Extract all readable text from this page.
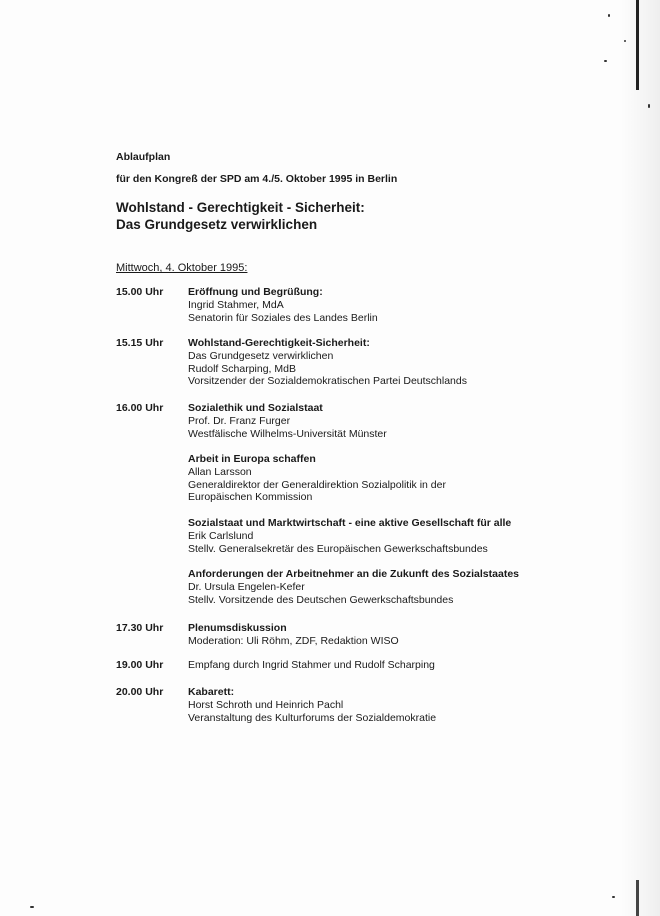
Ablaufplan
für den Kongreß der SPD am 4./5. Oktober 1995 in Berlin
Wohlstand - Gerechtigkeit - Sicherheit:
Das Grundgesetz verwirklichen
Mittwoch, 4. Oktober 1995:
15.00 Uhr	Eröffnung und Begrüßung:
Ingrid Stahmer, MdA
Senatorin für Soziales des Landes Berlin
15.15 Uhr	Wohlstand-Gerechtigkeit-Sicherheit:
Das Grundgesetz verwirklichen
Rudolf Scharping, MdB
Vorsitzender der Sozialdemokratischen Partei Deutschlands
16.00 Uhr	Sozialethik und Sozialstaat
Prof. Dr. Franz Furger
Westfälische Wilhelms-Universität Münster
Arbeit in Europa schaffen
Allan Larsson
Generaldirektor der Generaldirektion Sozialpolitik in der
Europäischen Kommission
Sozialstaat und Marktwirtschaft - eine aktive Gesellschaft für alle
Erik Carlslund
Stellv. Generalsekretär des Europäischen Gewerkschaftsbundes
Anforderungen der Arbeitnehmer an die Zukunft des Sozialstaates
Dr. Ursula Engelen-Kefer
Stellv. Vorsitzende des Deutschen Gewerkschaftsbundes
17.30 Uhr	Plenumsdiskussion
Moderation: Uli Röhm, ZDF, Redaktion WISO
19.00 Uhr	Empfang durch Ingrid Stahmer und Rudolf Scharping
20.00 Uhr	Kabarett:
Horst Schroth und Heinrich Pachl
Veranstaltung des Kulturforums der Sozialdemokratie
